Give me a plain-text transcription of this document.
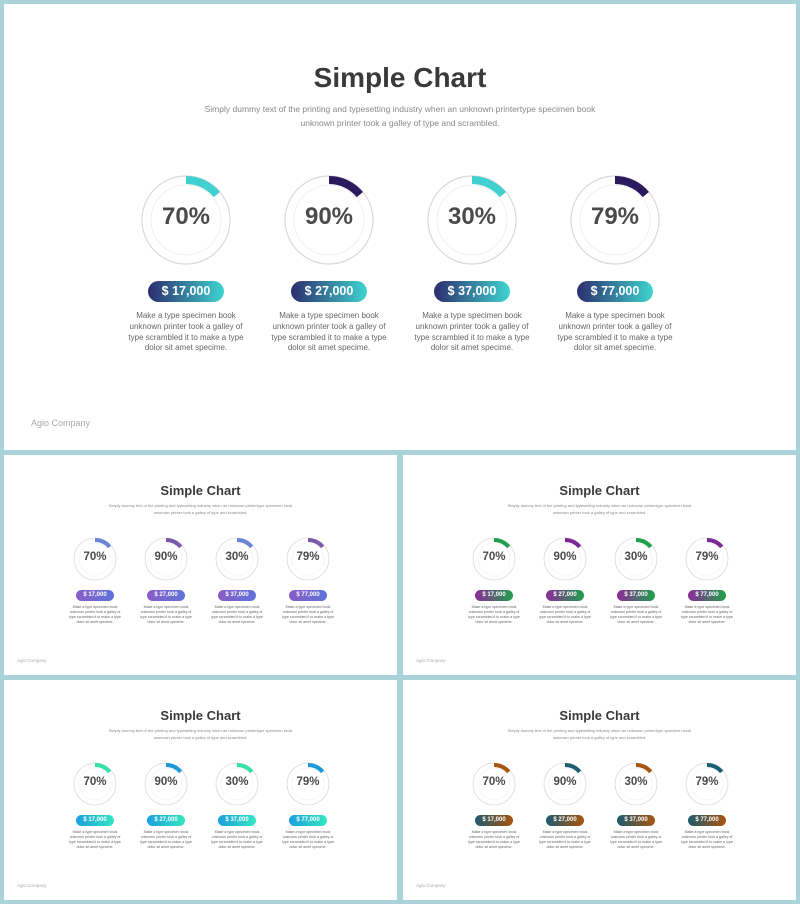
Simple Chart
Simply dummy text of the printing and typesetting industry when an unknown printertype specimen book unknown printer took a galley of type and scrambled.
70%
$ 17,000
Make a type specimen book unknown printer took a galley of type scrambled it to make a type dolor sit amet specime.
90%
$ 27,000
Make a type specimen book unknown printer took a galley of type scrambled it to make a type dolor sit amet specime.
30%
$ 37,000
Make a type specimen book unknown printer took a galley of type scrambled it to make a type dolor sit amet specime.
79%
$ 77,000
Make a type specimen book unknown printer took a galley of type scrambled it to make a type dolor sit amet specime.
Agio Company
Simple Chart
Simply dummy text of the printing and typesetting industry when an unknown printertype specimen book unknown printer took a galley of type and scrambled.
70%
$ 17,000
Make a type specimen book unknown printer took a galley of type scrambled it to make a type dolor sit amet specime.
90%
$ 27,000
Make a type specimen book unknown printer took a galley of type scrambled it to make a type dolor sit amet specime.
30%
$ 37,000
Make a type specimen book unknown printer took a galley of type scrambled it to make a type dolor sit amet specime.
79%
$ 77,000
Make a type specimen book unknown printer took a galley of type scrambled it to make a type dolor sit amet specime.
Agio Company
Simple Chart
Simply dummy text of the printing and typesetting industry when an unknown printertype specimen book unknown printer took a galley of type and scrambled.
70%
$ 17,000
Make a type specimen book unknown printer took a galley of type scrambled it to make a type dolor sit amet specime.
90%
$ 27,000
Make a type specimen book unknown printer took a galley of type scrambled it to make a type dolor sit amet specime.
30%
$ 37,000
Make a type specimen book unknown printer took a galley of type scrambled it to make a type dolor sit amet specime.
79%
$ 77,000
Make a type specimen book unknown printer took a galley of type scrambled it to make a type dolor sit amet specime.
Agio Company
Simple Chart
Simply dummy text of the printing and typesetting industry when an unknown printertype specimen book unknown printer took a galley of type and scrambled.
70%
$ 17,000
Make a type specimen book unknown printer took a galley of type scrambled it to make a type dolor sit amet specime.
90%
$ 27,000
Make a type specimen book unknown printer took a galley of type scrambled it to make a type dolor sit amet specime.
30%
$ 37,000
Make a type specimen book unknown printer took a galley of type scrambled it to make a type dolor sit amet specime.
79%
$ 77,000
Make a type specimen book unknown printer took a galley of type scrambled it to make a type dolor sit amet specime.
Agio Company
Simple Chart
Simply dummy text of the printing and typesetting industry when an unknown printertype specimen book unknown printer took a galley of type and scrambled.
70%
$ 17,000
Make a type specimen book unknown printer took a galley of type scrambled it to make a type dolor sit amet specime.
90%
$ 27,000
Make a type specimen book unknown printer took a galley of type scrambled it to make a type dolor sit amet specime.
30%
$ 37,000
Make a type specimen book unknown printer took a galley of type scrambled it to make a type dolor sit amet specime.
79%
$ 77,000
Make a type specimen book unknown printer took a galley of type scrambled it to make a type dolor sit amet specime.
Agio Company
